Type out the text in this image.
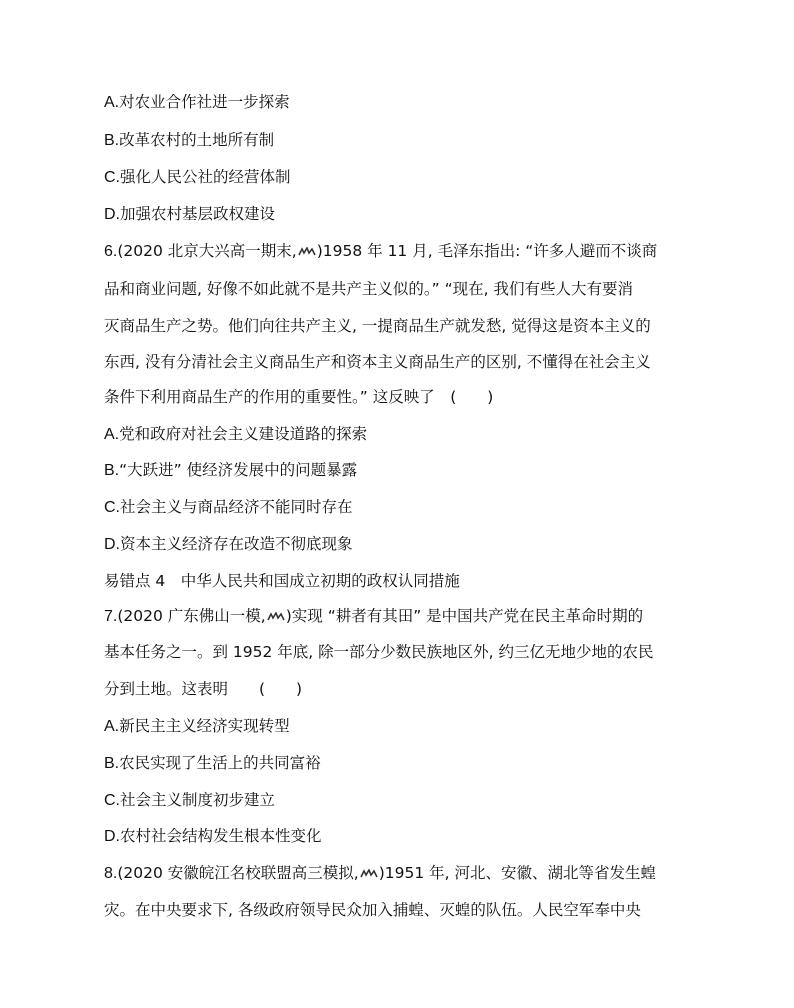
A.对农业合作社进一步探索
B.改革农村的土地所有制
C.强化人民公社的经营体制
D.加强农村基层政权建设
6.(2020 北京大兴高一期末, )1958 年 11 月, 毛泽东指出: “许多人避而不谈商
品和商业问题, 好像不如此就不是共产主义似的。” “现在, 我们有些人大有要消
灭商品生产之势。他们向往共产主义, 一提商品生产就发愁, 觉得这是资本主义的
东西, 没有分清社会主义商品生产和资本主义商品生产的区别, 不懂得在社会主义
条件下利用商品生产的作用的重要性。” 这反映了　(　　)
A.党和政府对社会主义建设道路的探索
B.“大跃进” 使经济发展中的问题暴露
C.社会主义与商品经济不能同时存在
D.资本主义经济存在改造不彻底现象
易错点 4　中华人民共和国成立初期的政权认同措施
7.(2020 广东佛山一模, )实现 “耕者有其田” 是中国共产党在民主革命时期的
基本任务之一。到 1952 年底, 除一部分少数民族地区外, 约三亿无地少地的农民
分到土地。这表明　　(　　)
A.新民主主义经济实现转型
B.农民实现了生活上的共同富裕
C.社会主义制度初步建立
D.农村社会结构发生根本性变化
8.(2020 安徽皖江名校联盟高三模拟, )1951 年, 河北、安徽、湖北等省发生蝗
灾。在中央要求下, 各级政府领导民众加入捕蝗、灭蝗的队伍。人民空军奉中央
